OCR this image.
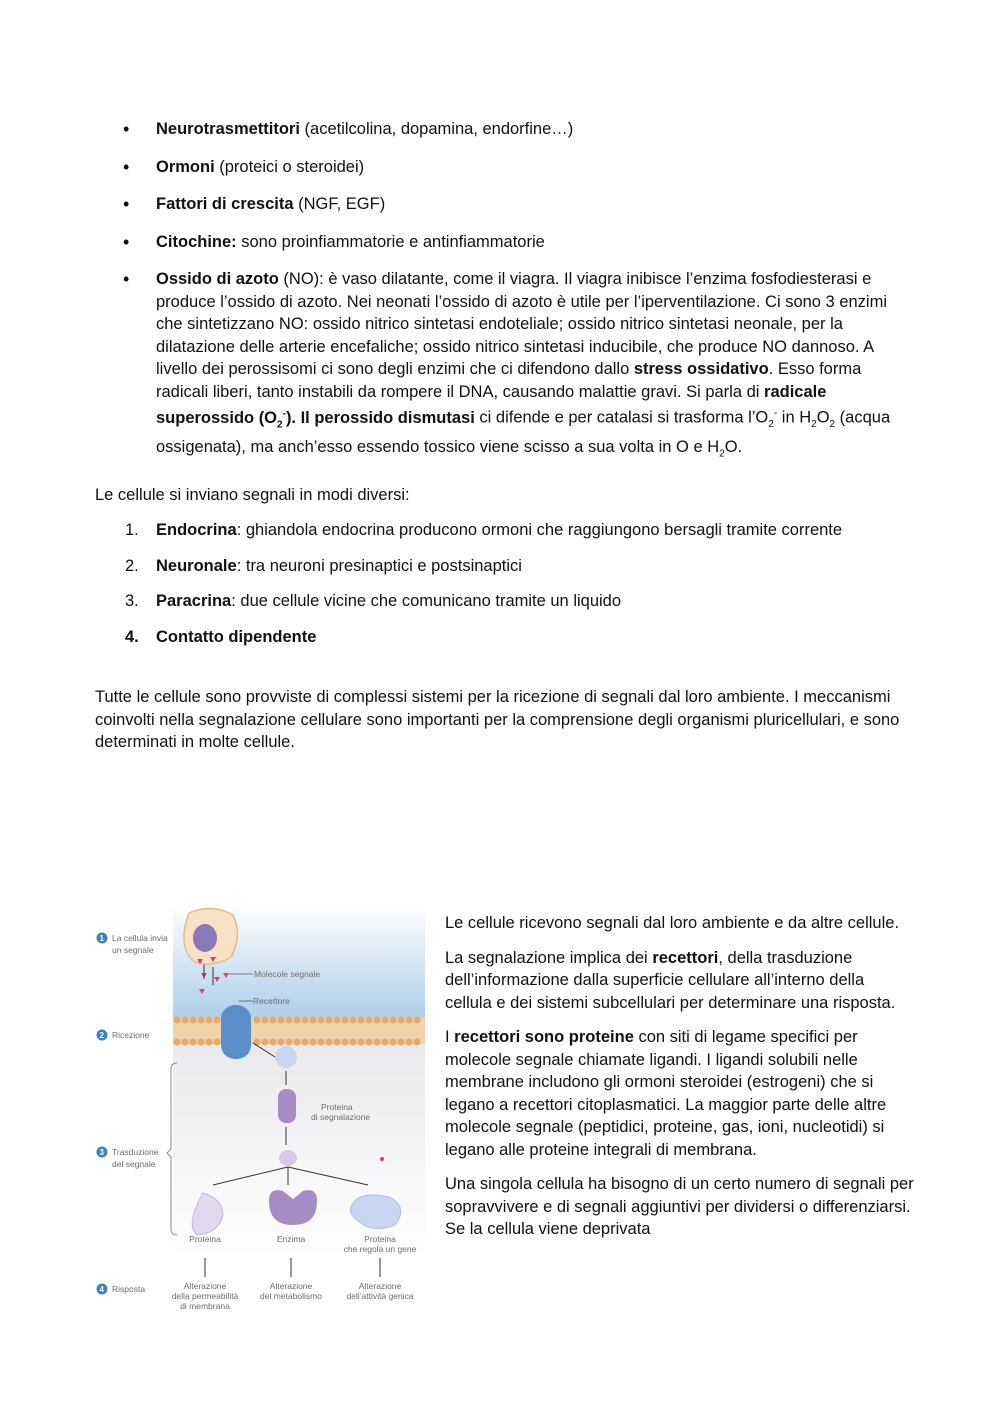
• Neurotrasmettitori (acetilcolina, dopamina, endorfine…)
• Ormoni (proteici o steroidei)
• Fattori di crescita (NGF, EGF)
• Citochine: sono proinfiammatorie e antinfiammatorie
• Ossido di azoto (NO): è vaso dilatante, come il viagra. Il viagra inibisce l’enzima fosfodiesterasi e produce l’ossido di azoto. Nei neonati l’ossido di azoto è utile per l’iperventilazione. Ci sono 3 enzimi che sintetizzano NO: ossido nitrico sintetasi endoteliale; ossido nitrico sintetasi neonale, per la dilatazione delle arterie encefaliche; ossido nitrico sintetasi inducibile, che produce NO dannoso. A livello dei perossisomi ci sono degli enzimi che ci difendono dallo stress ossidativo. Esso forma radicali liberi, tanto instabili da rompere il DNA, causando malattie gravi. Si parla di radicale superossido $(O_2^-)$. Il perossido dismutasi ci difende e per catalasi si trasforma $l’O_2^-$ in $H_2O_2$ (acqua ossigenata), ma anch’esso essendo tossico viene scisso a sua volta in O e $H_2O$.

Le cellule si inviano segnali in modi diversi:

1. Endocrina: ghiandola endocrina producono ormoni che raggiungono bersagli tramite corrente
2. Neuronale: tra neuroni presinaptici e postsinaptici
3. Paracrina: due cellule vicine che comunicano tramite un liquido
4. Contatto dipendente

Tutte le cellule sono provviste di complessi sistemi per la ricezione di segnali dal loro ambiente. I meccanismi coinvolti nella segnalazione cellulare sono importanti per la comprensione degli organismi pluricellulari, e sono determinati in molte cellule.

1 La cellula invia
un segnale
2 Ricezione
3 Trasduzione
del segnale
4 Risposta
Molecole segnale
Recettore
Proteina
di segnalazione
Proteina	Enzima	Proteina
che regola un gene
Alterazione
della permeabilità
di membrana
Alterazione
del metabolismo
Alterazione
dell’attività genica

Le cellule ricevono segnali dal loro ambiente e da altre cellule.

La segnalazione implica dei recettori, della trasduzione dell’informazione dalla superficie cellulare all’interno della cellula e dei sistemi subcellulari per determinare una risposta.

I recettori sono proteine con siti di legame specifici per molecole segnale chiamate ligandi. I ligandi solubili nelle membrane includono gli ormoni steroidei (estrogeni) che si legano a recettori citoplasmatici. La maggior parte delle altre molecole segnale (peptidici, proteine, gas, ioni, nucleotidi) si legano alle proteine integrali di membrana.

Una singola cellula ha bisogno di un certo numero di segnali per sopravvivere e di segnali aggiuntivi per dividersi o differenziarsi. Se la cellula viene deprivata
